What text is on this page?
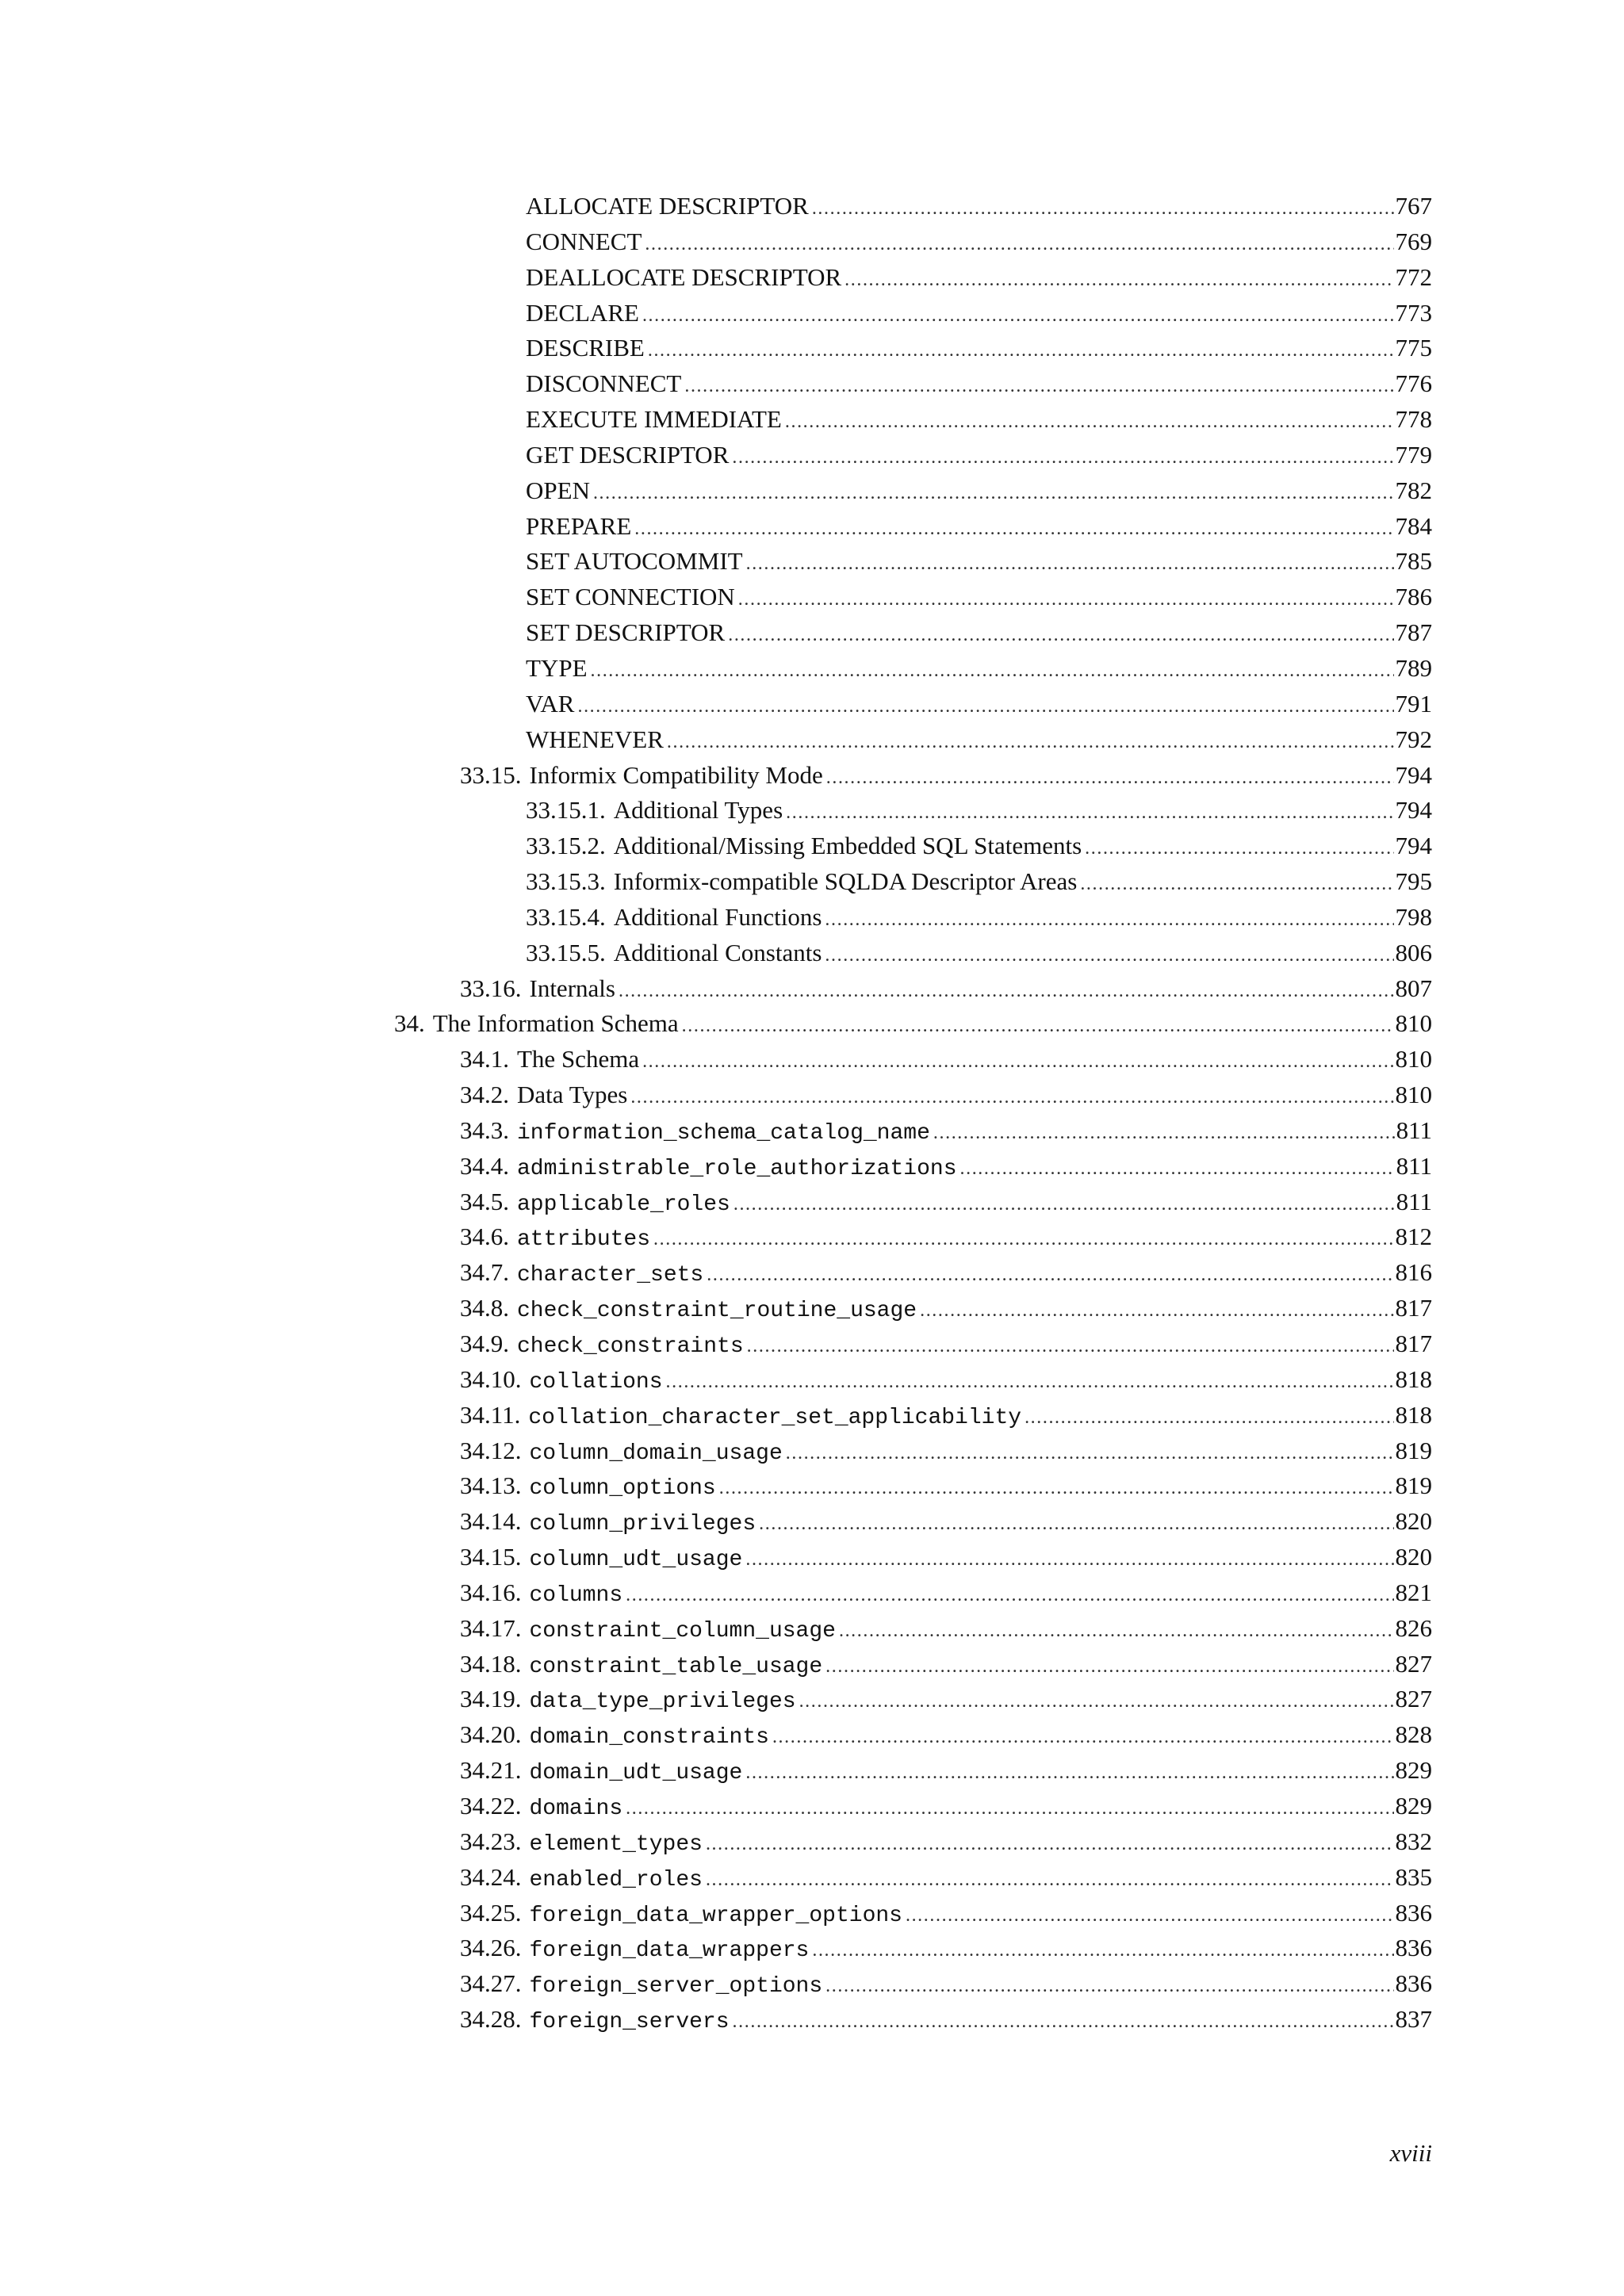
ALLOCATE DESCRIPTOR .....	767
CONNECT .....	769
DEALLOCATE DESCRIPTOR .....	772
DECLARE .....	773
DESCRIBE .....	775
DISCONNECT .....	776
EXECUTE IMMEDIATE .....	778
GET DESCRIPTOR .....	779
OPEN .....	782
PREPARE .....	784
SET AUTOCOMMIT .....	785
SET CONNECTION .....	786
SET DESCRIPTOR .....	787
TYPE .....	789
VAR .....	791
WHENEVER .....	792
33.15. Informix Compatibility Mode .....	794
33.15.1. Additional Types .....	794
33.15.2. Additional/Missing Embedded SQL Statements .....	794
33.15.3. Informix-compatible SQLDA Descriptor Areas .....	795
33.15.4. Additional Functions .....	798
33.15.5. Additional Constants .....	806
33.16. Internals .....	807
34. The Information Schema .....	810
34.1. The Schema .....	810
34.2. Data Types .....	810
34.3. information_schema_catalog_name .....	811
34.4. administrable_role_authorizations .....	811
34.5. applicable_roles .....	811
34.6. attributes .....	812
34.7. character_sets .....	816
34.8. check_constraint_routine_usage .....	817
34.9. check_constraints .....	817
34.10. collations .....	818
34.11. collation_character_set_applicability .....	818
34.12. column_domain_usage .....	819
34.13. column_options .....	819
34.14. column_privileges .....	820
34.15. column_udt_usage .....	820
34.16. columns .....	821
34.17. constraint_column_usage .....	826
34.18. constraint_table_usage .....	827
34.19. data_type_privileges .....	827
34.20. domain_constraints .....	828
34.21. domain_udt_usage .....	829
34.22. domains .....	829
34.23. element_types .....	832
34.24. enabled_roles .....	835
34.25. foreign_data_wrapper_options .....	836
34.26. foreign_data_wrappers .....	836
34.27. foreign_server_options .....	836
34.28. foreign_servers .....	837
xviii
